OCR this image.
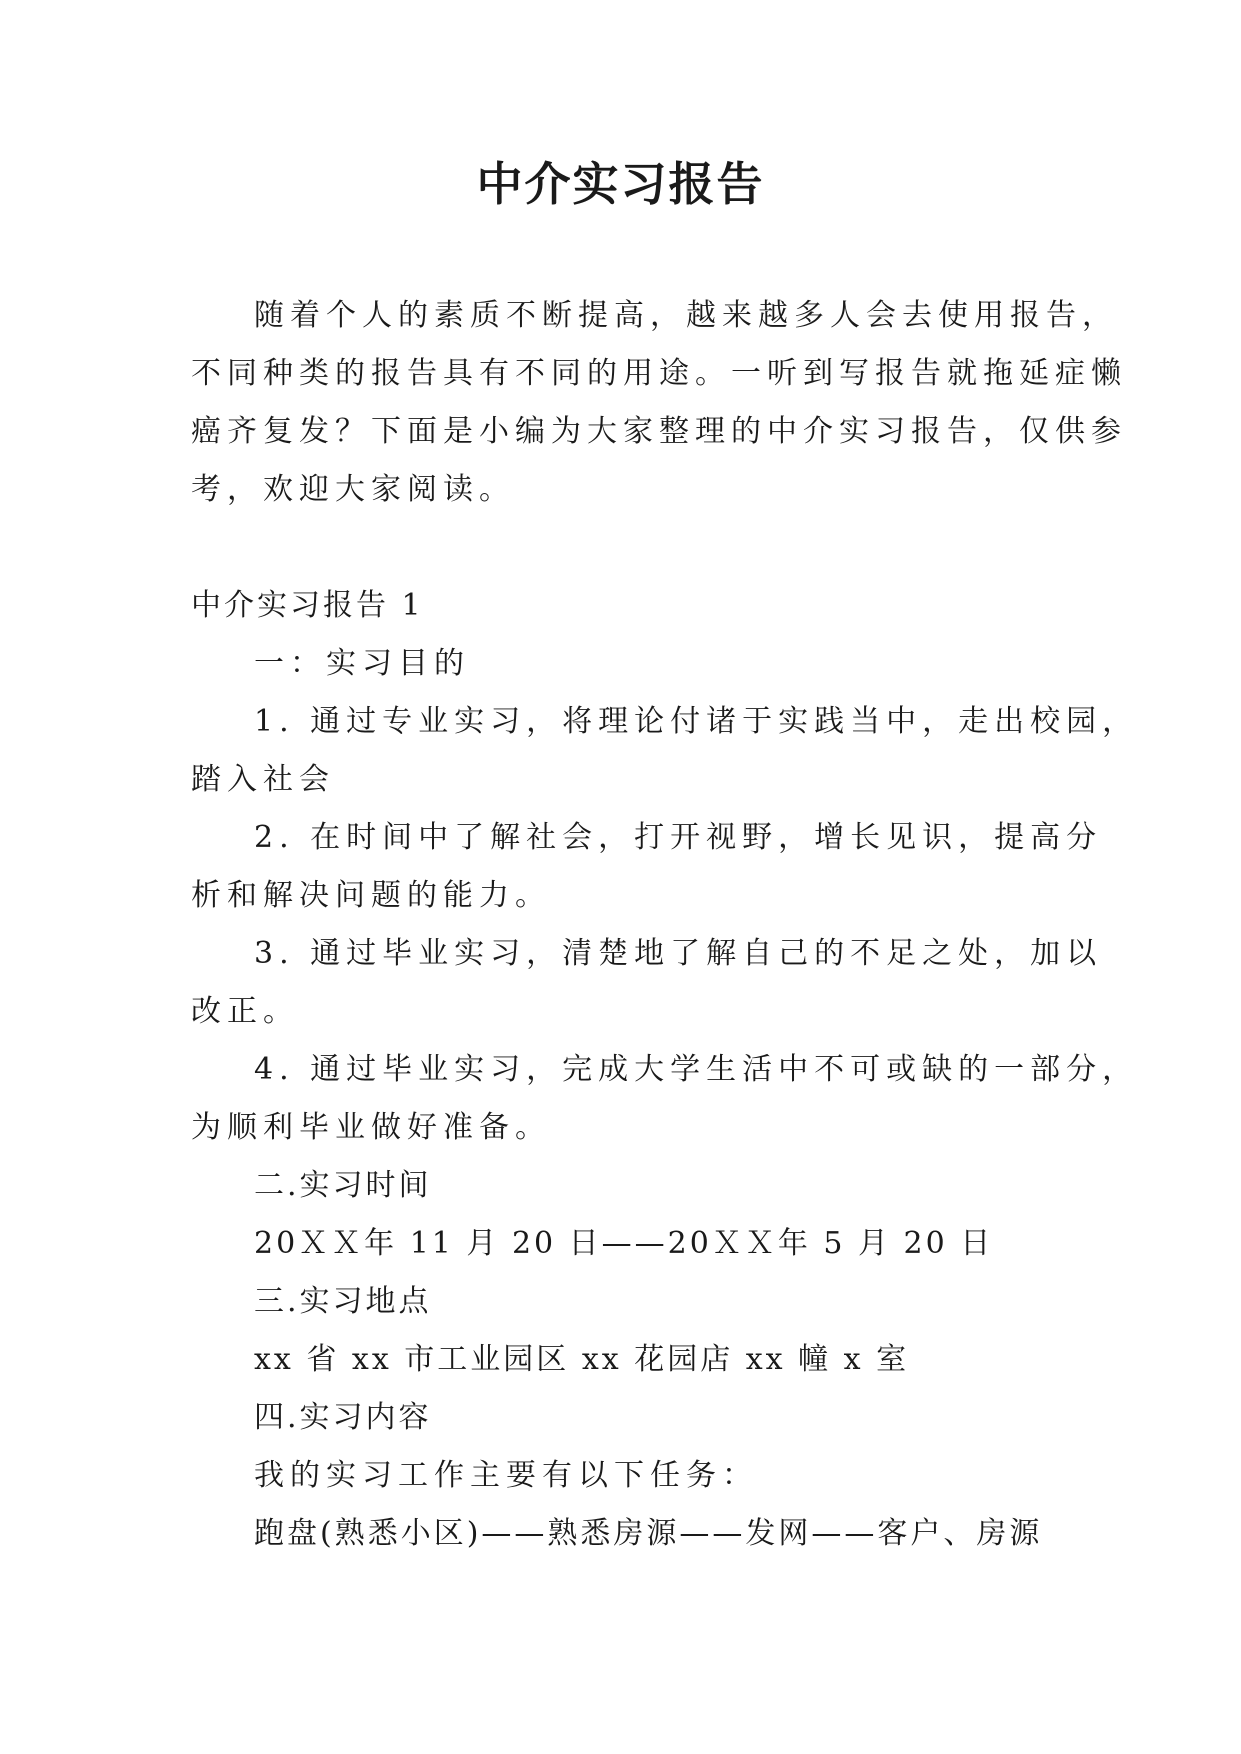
中介实习报告
随着个人的素质不断提高，越来越多人会去使用报告，
不同种类的报告具有不同的用途。一听到写报告就拖延症懒
癌齐复发？下面是小编为大家整理的中介实习报告，仅供参
考，欢迎大家阅读。
中介实习报告 1
一：实习目的
1. 通过专业实习，将理论付诸于实践当中，走出校园，
踏入社会
2. 在时间中了解社会，打开视野，增长见识，提高分
析和解决问题的能力。
3. 通过毕业实习，清楚地了解自己的不足之处，加以
改正。
4. 通过毕业实习，完成大学生活中不可或缺的一部分，
为顺利毕业做好准备。
二.实习时间
20ＸＸ年 11 月 20 日——20ＸＸ年 5 月 20 日
三.实习地点
xx 省 xx 市工业园区 xx 花园店 xx 幢 x 室
四.实习内容
我的实习工作主要有以下任务：
跑盘(熟悉小区)——熟悉房源——发网——客户、房源
